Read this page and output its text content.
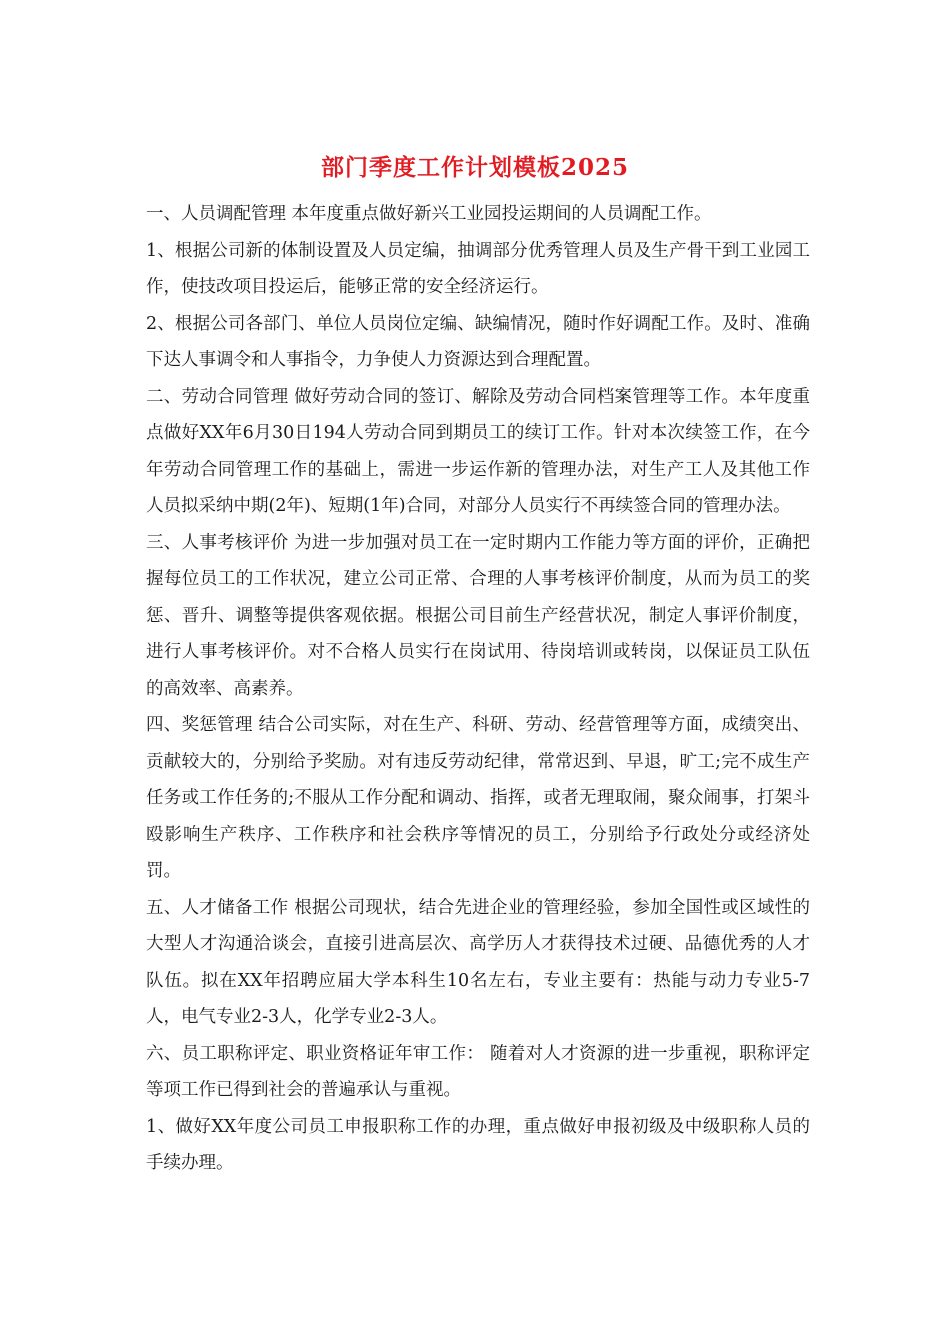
部门季度工作计划模板2025

一、人员调配管理 本年度重点做好新兴工业园投运期间的人员调配工作。

1、根据公司新的体制设置及人员定编，抽调部分优秀管理人员及生产骨干到工业园工作，使技改项目投运后，能够正常的安全经济运行。

2、根据公司各部门、单位人员岗位定编、缺编情况，随时作好调配工作。及时、准确下达人事调令和人事指令，力争使人力资源达到合理配置。

二、劳动合同管理 做好劳动合同的签订、解除及劳动合同档案管理等工作。本年度重点做好XX年6月30日194人劳动合同到期员工的续订工作。针对本次续签工作，在今年劳动合同管理工作的基础上，需进一步运作新的管理办法，对生产工人及其他工作人员拟采纳中期(2年)、短期(1年)合同，对部分人员实行不再续签合同的管理办法。

三、人事考核评价 为进一步加强对员工在一定时期内工作能力等方面的评价，正确把握每位员工的工作状况，建立公司正常、合理的人事考核评价制度，从而为员工的奖惩、晋升、调整等提供客观依据。根据公司目前生产经营状况，制定人事评价制度，进行人事考核评价。对不合格人员实行在岗试用、待岗培训或转岗，以保证员工队伍的高效率、高素养。

四、奖惩管理 结合公司实际，对在生产、科研、劳动、经营管理等方面，成绩突出、贡献较大的，分别给予奖励。对有违反劳动纪律，常常迟到、早退，旷工;完不成生产任务或工作任务的;不服从工作分配和调动、指挥，或者无理取闹，聚众闹事，打架斗殴影响生产秩序、工作秩序和社会秩序等情况的员工，分别给予行政处分或经济处罚。

五、人才储备工作 根据公司现状，结合先进企业的管理经验，参加全国性或区域性的大型人才沟通洽谈会，直接引进高层次、高学历人才获得技术过硬、品德优秀的人才队伍。拟在XX年招聘应届大学本科生10名左右，专业主要有：热能与动力专业5-7人，电气专业2-3人，化学专业2-3人。

六、员工职称评定、职业资格证年审工作： 随着对人才资源的进一步重视，职称评定等项工作已得到社会的普遍承认与重视。

1、做好XX年度公司员工申报职称工作的办理，重点做好申报初级及中级职称人员的手续办理。
